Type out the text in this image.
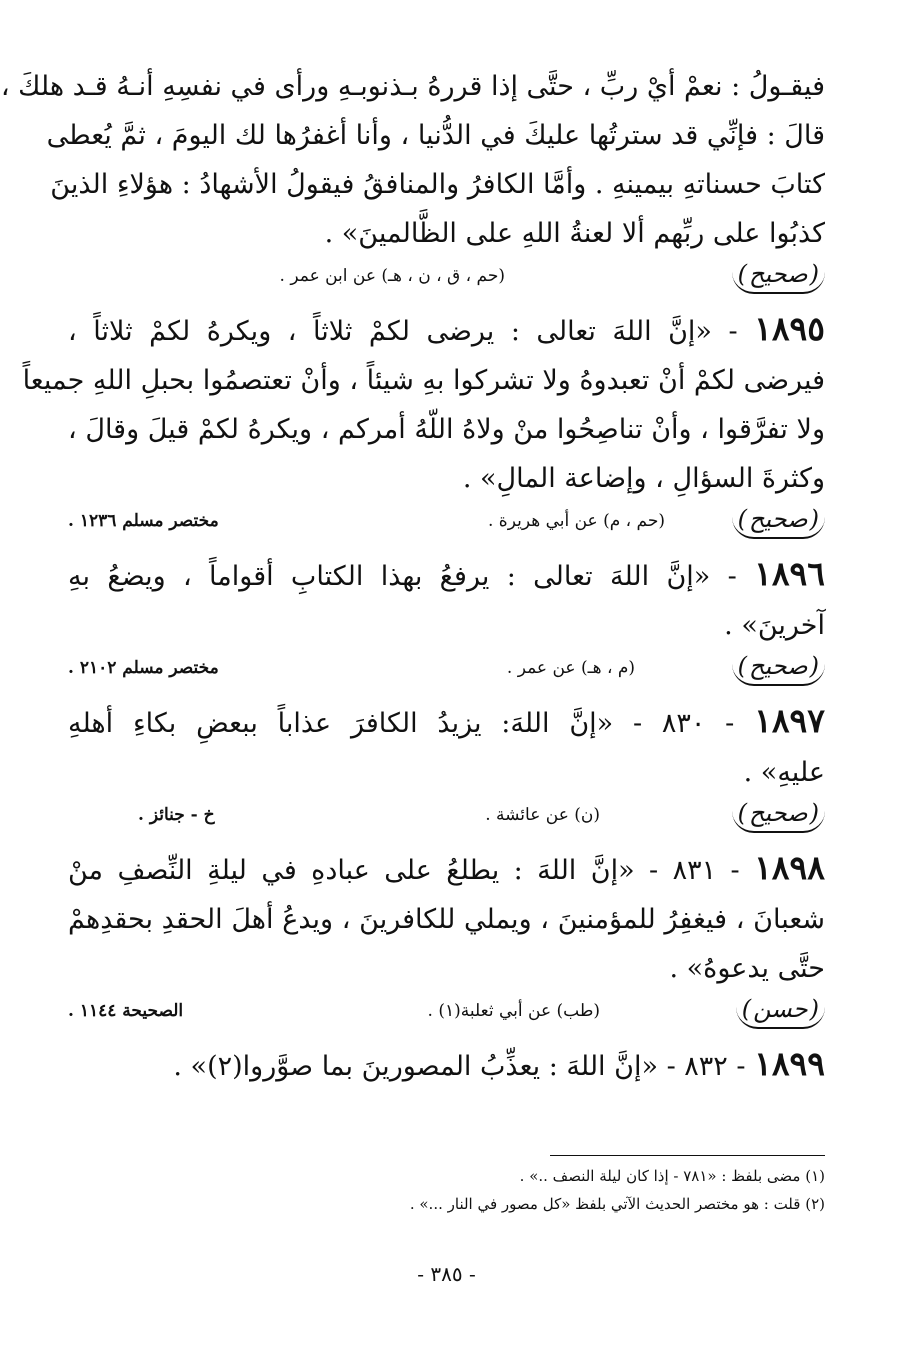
فيقـولُ : نعمْ أيْ ربِّ ، حتَّى إذا قررهُ بـذنوبـهِ ورأى في نفسِهِ أنـهُ قـد هلكَ ،
قالَ : فإنِّي قد سترتُها عليكَ في الدُّنيا ، وأنا أغفرُها لك اليومَ ، ثمَّ يُعطى
كتابَ حسناتهِ بيمينهِ . وأمَّا الكافرُ والمنافقُ فيقولُ الأشهادُ : هؤلاءِ الذينَ
كذبُوا على ربِّهم ألا لعنةُ اللهِ على الظَّالمينَ» .
( صحيح )
(حم ، ق ، ن ، هـ) عن ابن عمر .
١٨٩٥ - «إنَّ اللهَ تعالى : يرضى لكمْ ثلاثاً ، ويكرهُ لكمْ ثلاثاً ،
فيرضى لكمْ أنْ تعبدوهُ ولا تشركوا بهِ شيئاً ، وأنْ تعتصمُوا بحبلِ اللهِ جميعاً
ولا تفرَّقوا ، وأنْ تناصِحُوا منْ ولاهُ اللّهُ أمركم ، ويكرهُ لكمْ قيلَ وقالَ ،
وكثرةَ السؤالِ ، وإضاعة المالِ» .
( صحيح )
(حم ، م) عن أبي هريرة .
مختصر مسلم ١٢٣٦ .
١٨٩٦ - «إنَّ اللهَ تعالى : يرفعُ بهذا الكتابِ أقواماً ، ويضعُ بهِ
آخرينَ» .
( صحيح )
(م ، هـ) عن عمر .
مختصر مسلم ٢١٠٢ .
١٨٩٧ - ٨٣٠ - «إنَّ اللهَ: يزيدُ الكافرَ عذاباً ببعضِ بكاءِ أهلهِ
عليهِ» .
( صحيح )
(ن) عن عائشة .
خ - جنائز .
١٨٩٨ - ٨٣١ - «إنَّ اللهَ : يطلعُ على عبادهِ في ليلةِ النِّصفِ منْ
شعبانَ ، فيغفِرُ للمؤمنينَ ، ويملي للكافرينَ ، ويدعُ أهلَ الحقدِ بحقدِهمْ
حتَّى يدعوهُ» .
( حسن )
(طب) عن أبي ثعلبة(١) .
الصحيحة ١١٤٤ .
١٨٩٩ - ٨٣٢ - «إنَّ اللهَ : يعذِّبُ المصورينَ بما صوَّروا(٢)» .
(١) مضى بلفظ : «٧٨١ - إذا كان ليلة النصف ..» .
(٢) قلت : هو مختصر الحديث الآتي بلفظ «كل مصور في النار ...» .
- ٣٨٥ -
